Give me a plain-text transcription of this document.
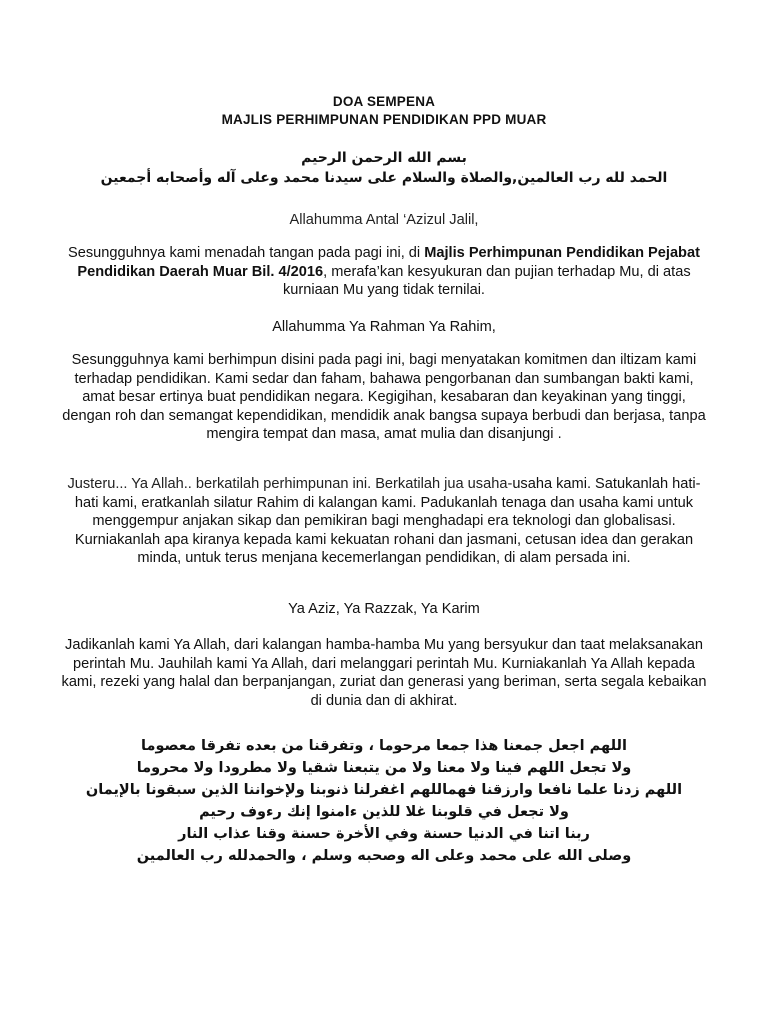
DOA SEMPENA
MAJLIS PERHIMPUNAN PENDIDIKAN PPD MUAR
بسم الله الرحمن الرحيم
الحمد لله رب العالمين,والصلاة والسلام على سيدنا محمد وعلى آله وأصحابه أجمعين
Allahumma Antal ‘Azizul Jalil,
Sesungguhnya kami menadah tangan pada pagi ini, di Majlis Perhimpunan Pendidikan Pejabat Pendidikan Daerah Muar Bil. 4/2016, merafa’kan kesyukuran dan pujian terhadap Mu, di atas kurniaan Mu yang tidak ternilai.
Allahumma Ya Rahman Ya Rahim,
Sesungguhnya kami berhimpun disini pada pagi ini, bagi menyatakan komitmen dan iltizam kami terhadap pendidikan. Kami sedar dan faham, bahawa pengorbanan dan sumbangan bakti kami, amat besar ertinya buat pendidikan negara. Kegigihan, kesabaran dan keyakinan yang tinggi, dengan roh dan semangat kependidikan, mendidik anak bangsa supaya berbudi dan berjasa, tanpa mengira tempat dan masa, amat mulia dan disanjungi .
Justeru... Ya Allah.. berkatilah perhimpunan ini. Berkatilah jua usaha-usaha kami. Satukanlah hati-hati kami, eratkanlah silatur Rahim di kalangan kami. Padukanlah tenaga dan usaha kami untuk menggempur anjakan sikap dan pemikiran bagi menghadapi era teknologi dan globalisasi. Kurniakanlah apa kiranya kepada kami kekuatan rohani dan jasmani, cetusan idea dan gerakan minda, untuk terus menjana kecemerlangan pendidikan, di alam persada ini.
Ya Aziz, Ya Razzak, Ya Karim
Jadikanlah kami Ya Allah, dari kalangan hamba-hamba Mu yang bersyukur dan taat melaksanakan perintah Mu. Jauhilah kami Ya Allah, dari melanggari perintah Mu. Kurniakanlah Ya Allah kepada kami, rezeki yang halal dan berpanjangan, zuriat dan generasi yang beriman, serta segala kebaikan di dunia dan di akhirat.
اللهم اجعل جمعنا هذا جمعا مرحوما ، وتفرقنا من بعده تفرقا معصوما
ولا تجعل اللهم فينا ولا معنا ولا من يتبعنا شقيا ولا مطرودا ولا محروما
اللهم زدنا علما نافعا وارزقنا فهماللهم اغفرلنا ذنوبنا ولإخواننا الذين سبقونا بالإيمان
ولا تجعل في قلوبنا غلا للذين ءامنوا إنك رءوف رحيم
ربنا اتنا في الدنيا حسنة وفي الأخرة حسنة وقنا عذاب النار
وصلى الله على محمد وعلى اله وصحبه وسلم ، والحمدلله رب العالمين
